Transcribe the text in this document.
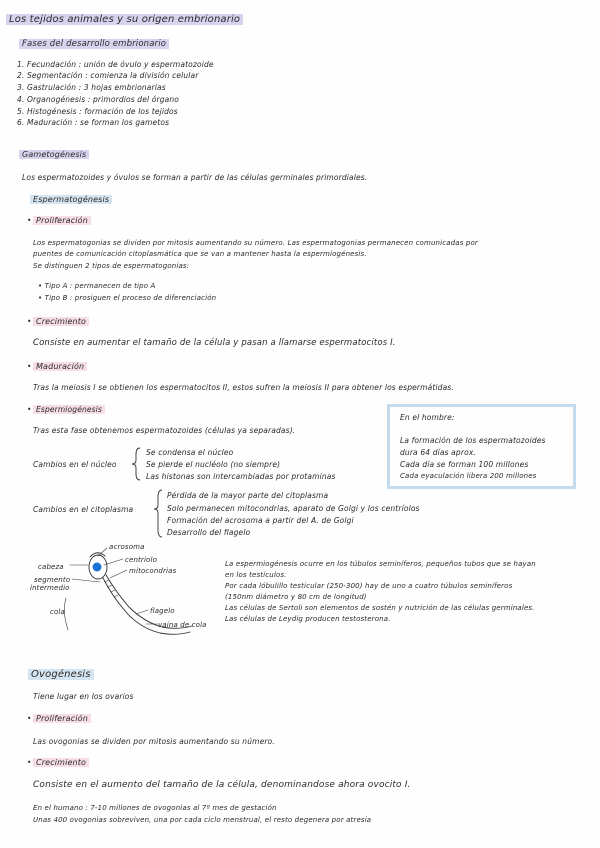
Los tejidos animales y su origen embrionario
Fases del desarrollo embrionario
1. Fecundación : unión de óvulo y espermatozoide
2. Segmentación : comienza la división celular
3. Gastrulación : 3 hojas embrionarias
4. Organogénesis : primordios del órgano
5. Histogénesis : formación de los tejidos
6. Maduración : se forman los gametos
Gametogénesis
Los espermatozoides y óvulos se forman a partir de las células germinales primordiales.
Espermatogénesis
• Proliferación
Los espermatogonias se dividen por mitosis aumentando su número. Las espermatogonias permanecen comunicadas por
puentes de comunicación citoplasmática que se van a mantener hasta la espermiogénesis.
Se distinguen 2 tipos de espermatogonias:
• Tipo A : permanecen de tipo A
• Tipo B : prosiguen el proceso de diferenciación
• Crecimiento
Consiste en aumentar el tamaño de la célula y pasan a llamarse espermatocitos I.
• Maduración
Tras la meiosis I se obtienen los espermatocitos II, estos sufren la meiosis II para obtener los espermátidas.
• Espermiogénesis
Tras esta fase obtenemos espermatozoides (células ya separadas).
Cambios en el núcleo
Se condensa el núcleo
Se pierde el nucléolo (no siempre)
Las histonas son intercambiadas por protaminas
Cambios en el citoplasma
Pérdida de la mayor parte del citoplasma
Solo permanecen mitocondrias, aparato de Golgi y los centríolos
Formación del acrosoma a partir del A. de Golgi
Desarrollo del flagelo
En el hombre:
La formación de los espermatozoides
dura 64 días aprox.
Cada día se forman 100 millones
Cada eyaculación libera 200 millones
acrosoma
centriolo
mitocondrias
cabeza
segmento
intermedio
cola	flagelo
vaina de cola
La espermiogénesis ocurre en los túbulos seminíferos, pequeños tubos que se hayan
en los testículos.
Por cada lóbulillo testicular (250-300) hay de uno a cuatro túbulos seminíferos
(150nm diámetro y 80 cm de longitud)
Las células de Sertoli son elementos de sostén y nutrición de las células germinales.
Las células de Leydig producen testosterona.
Ovogénesis
Tiene lugar en los ovarios
• Proliferación
Las ovogonias se dividen por mitosis aumentando su número.
• Crecimiento
Consiste en el aumento del tamaño de la célula, denominandose ahora ovocito I.
En el humano : 7-10 millones de ovogonias al 7º mes de gestación
Unas 400 ovogonias sobreviven, una por cada ciclo menstrual, el resto degenera por atresia
